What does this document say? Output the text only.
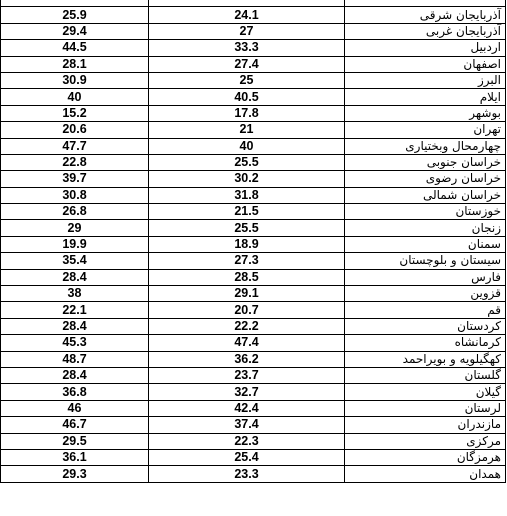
25.9	24.1	آذربایجان شرقی
29.4	27	آذربایجان غربی
44.5	33.3	اردبیل
28.1	27.4	اصفهان
30.9	25	البرز
40	40.5	ایلام
15.2	17.8	بوشهر
20.6	21	تهران
47.7	40	چهارمحال وبختیاری
22.8	25.5	خراسان جنوبی
39.7	30.2	خراسان رضوی
30.8	31.8	خراسان شمالی
26.8	21.5	خوزستان
29	25.5	زنجان
19.9	18.9	سمنان
35.4	27.3	سیستان و بلوچستان
28.4	28.5	فارس
38	29.1	قزوین
22.1	20.7	قم
28.4	22.2	کردستان
45.3	47.4	کرمانشاه
48.7	36.2	کهگیلویه و بویراحمد
28.4	23.7	گلستان
36.8	32.7	گیلان
46	42.4	لرستان
46.7	37.4	مازندران
29.5	22.3	مرکزی
36.1	25.4	هرمزگان
29.3	23.3	همدان
